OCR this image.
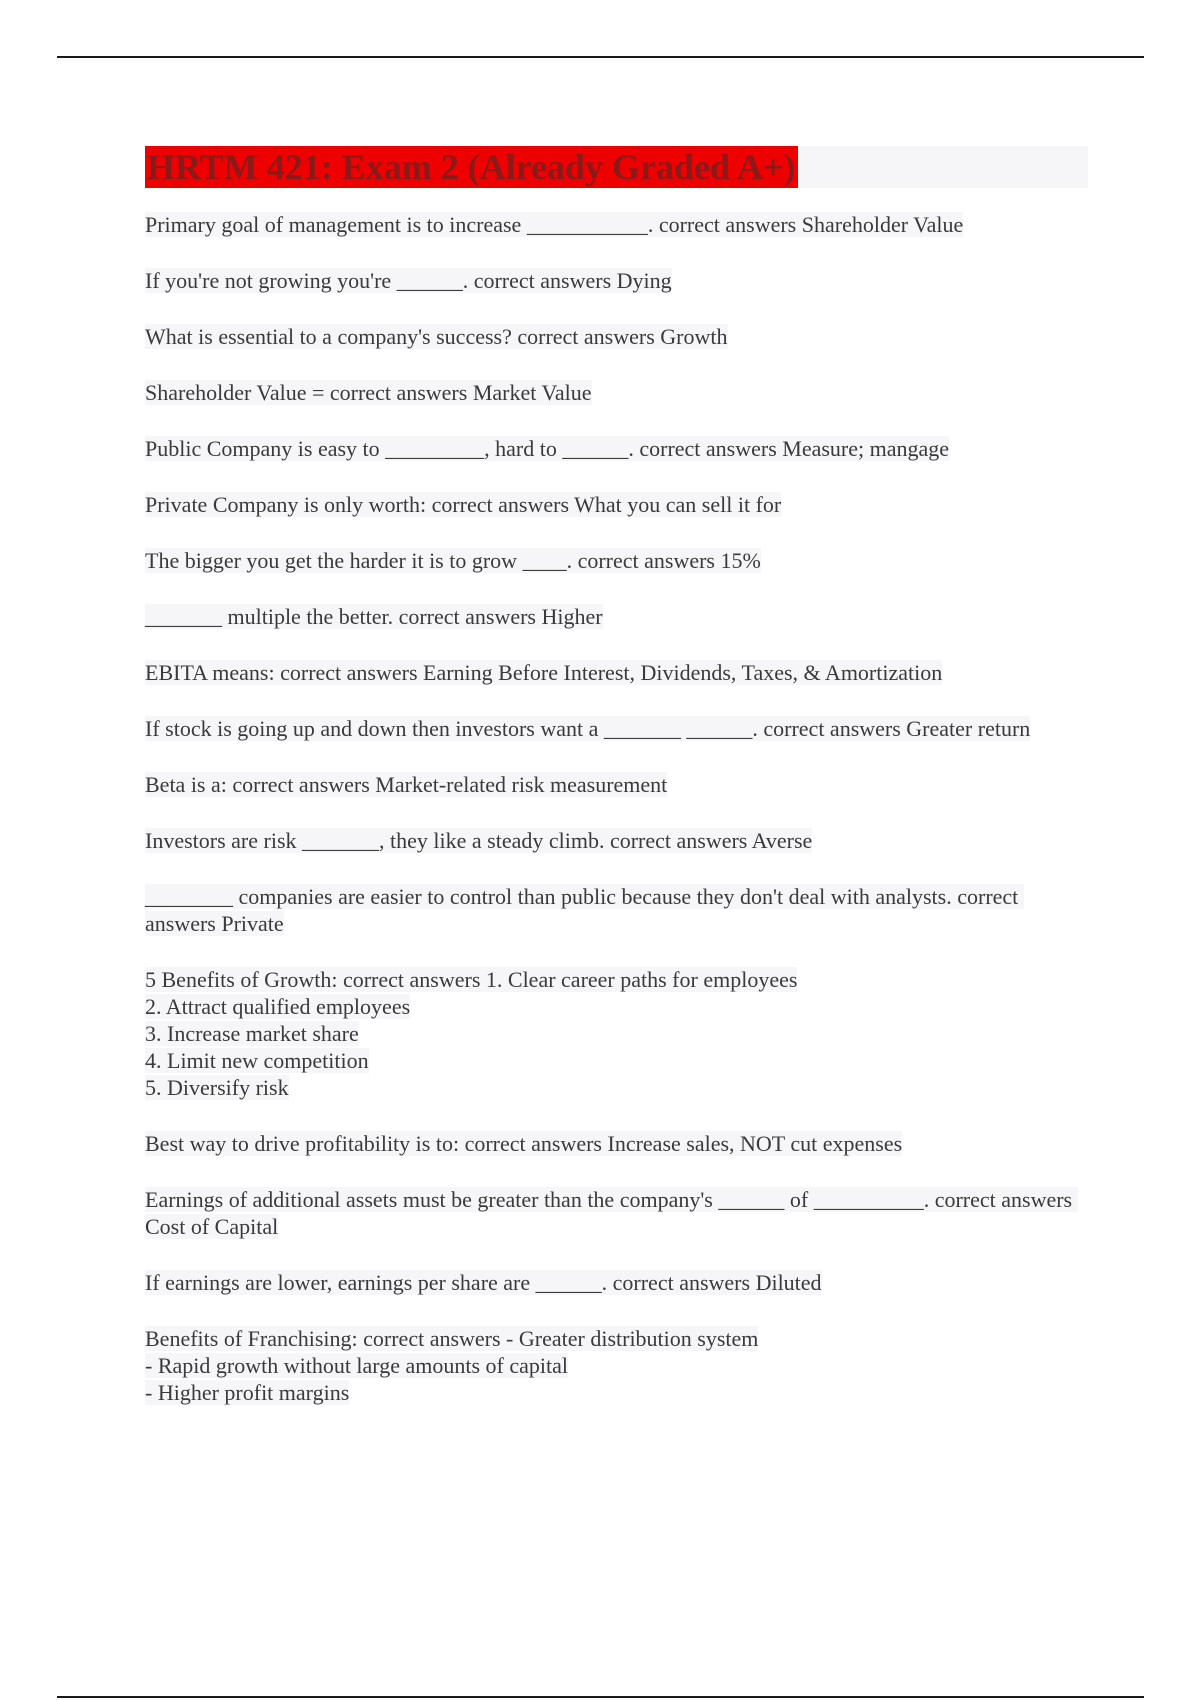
HRTM 421: Exam 2 (Already Graded A+)

Primary goal of management is to increase ___________. correct answers Shareholder Value

If you're not growing you're ______. correct answers Dying

What is essential to a company's success? correct answers Growth

Shareholder Value = correct answers Market Value

Public Company is easy to _________, hard to ______. correct answers Measure; mangage

Private Company is only worth: correct answers What you can sell it for

The bigger you get the harder it is to grow ____. correct answers 15%

_______ multiple the better. correct answers Higher

EBITA means: correct answers Earning Before Interest, Dividends, Taxes, & Amortization

If stock is going up and down then investors want a _______ ______. correct answers Greater return

Beta is a: correct answers Market-related risk measurement

Investors are risk _______, they like a steady climb. correct answers Averse

________ companies are easier to control than public because they don't deal with analysts. correct answers Private

5 Benefits of Growth: correct answers 1. Clear career paths for employees
2. Attract qualified employees
3. Increase market share
4. Limit new competition
5. Diversify risk

Best way to drive profitability is to: correct answers Increase sales, NOT cut expenses

Earnings of additional assets must be greater than the company's ______ of __________. correct answers Cost of Capital

If earnings are lower, earnings per share are ______. correct answers Diluted

Benefits of Franchising: correct answers - Greater distribution system
- Rapid growth without large amounts of capital
- Higher profit margins
